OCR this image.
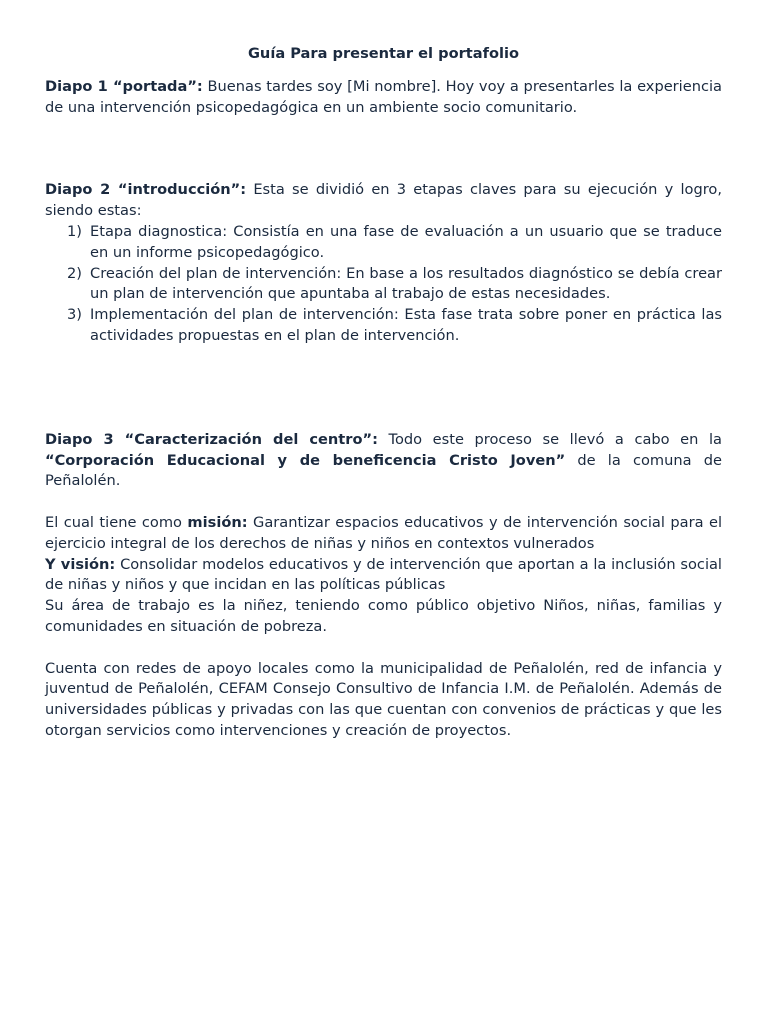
Guía Para presentar el portafolio

Diapo 1 “portada”: Buenas tardes soy [Mi nombre]. Hoy voy a presentarles la experiencia de una intervención psicopedagógica en un ambiente socio comunitario.

Diapo 2 “introducción”: Esta se dividió en 3 etapas claves para su ejecución y logro, siendo estas:

1) Etapa diagnostica: Consistía en una fase de evaluación a un usuario que se traduce en un informe psicopedagógico.
2) Creación del plan de intervención: En base a los resultados diagnóstico se debía crear un plan de intervención que apuntaba al trabajo de estas necesidades.
3) Implementación del plan de intervención: Esta fase trata sobre poner en práctica las actividades propuestas en el plan de intervención.

Diapo 3 “Caracterización del centro”: Todo este proceso se llevó a cabo en la “Corporación Educacional y de beneficencia Cristo Joven” de la comuna de Peñalolén.

El cual tiene como misión: Garantizar espacios educativos y de intervención social para el ejercicio integral de los derechos de niñas y niños en contextos vulnerados

Y visión: Consolidar modelos educativos y de intervención que aportan a la inclusión social de niñas y niños y que incidan en las políticas públicas

Su área de trabajo es la niñez, teniendo como público objetivo Niños, niñas, familias y comunidades en situación de pobreza.

Cuenta con redes de apoyo locales como la municipalidad de Peñalolén, red de infancia y juventud de Peñalolén, CEFAM Consejo Consultivo de Infancia I.M. de Peñalolén. Además de universidades públicas y privadas con las que cuentan con convenios de prácticas y que les otorgan servicios como intervenciones y creación de proyectos.
